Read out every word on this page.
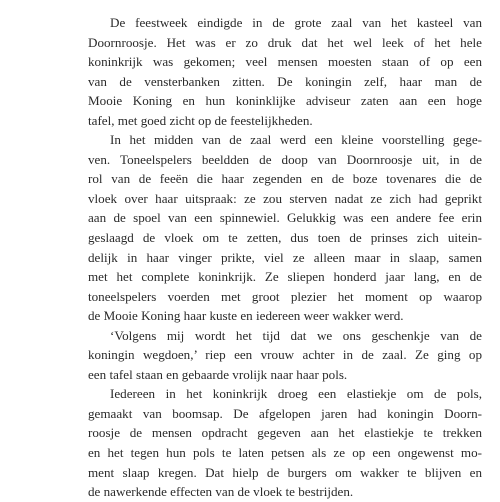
De feestweek eindigde in de grote zaal van het kasteel van
Doornroosje. Het was er zo druk dat het wel leek of het hele
koninkrijk was gekomen; veel mensen moesten staan of op een
van de vensterbanken zitten. De koningin zelf, haar man de
Mooie Koning en hun koninklijke adviseur zaten aan een hoge
tafel, met goed zicht op de feestelijkheden.
In het midden van de zaal werd een kleine voorstelling gege-
ven. Toneelspelers beeldden de doop van Doornroosje uit, in de
rol van de feeën die haar zegenden en de boze tovenares die de
vloek over haar uitspraak: ze zou sterven nadat ze zich had geprikt
aan de spoel van een spinnewiel. Gelukkig was een andere fee erin
geslaagd de vloek om te zetten, dus toen de prinses zich uitein-
delijk in haar vinger prikte, viel ze alleen maar in slaap, samen
met het complete koninkrijk. Ze sliepen honderd jaar lang, en de
toneelspelers voerden met groot plezier het moment op waarop
de Mooie Koning haar kuste en iedereen weer wakker werd.
‘Volgens mij wordt het tijd dat we ons geschenkje van de
koningin wegdoen,’ riep een vrouw achter in de zaal. Ze ging op
een tafel staan en gebaarde vrolijk naar haar pols.
Iedereen in het koninkrijk droeg een elastiekje om de pols,
gemaakt van boomsap. De afgelopen jaren had koningin Doorn-
roosje de mensen opdracht gegeven aan het elastiekje te trekken
en het tegen hun pols te laten petsen als ze op een ongewenst mo-
ment slaap kregen. Dat hielp de burgers om wakker te blijven en
de nawerkende effecten van de vloek te bestrijden.
